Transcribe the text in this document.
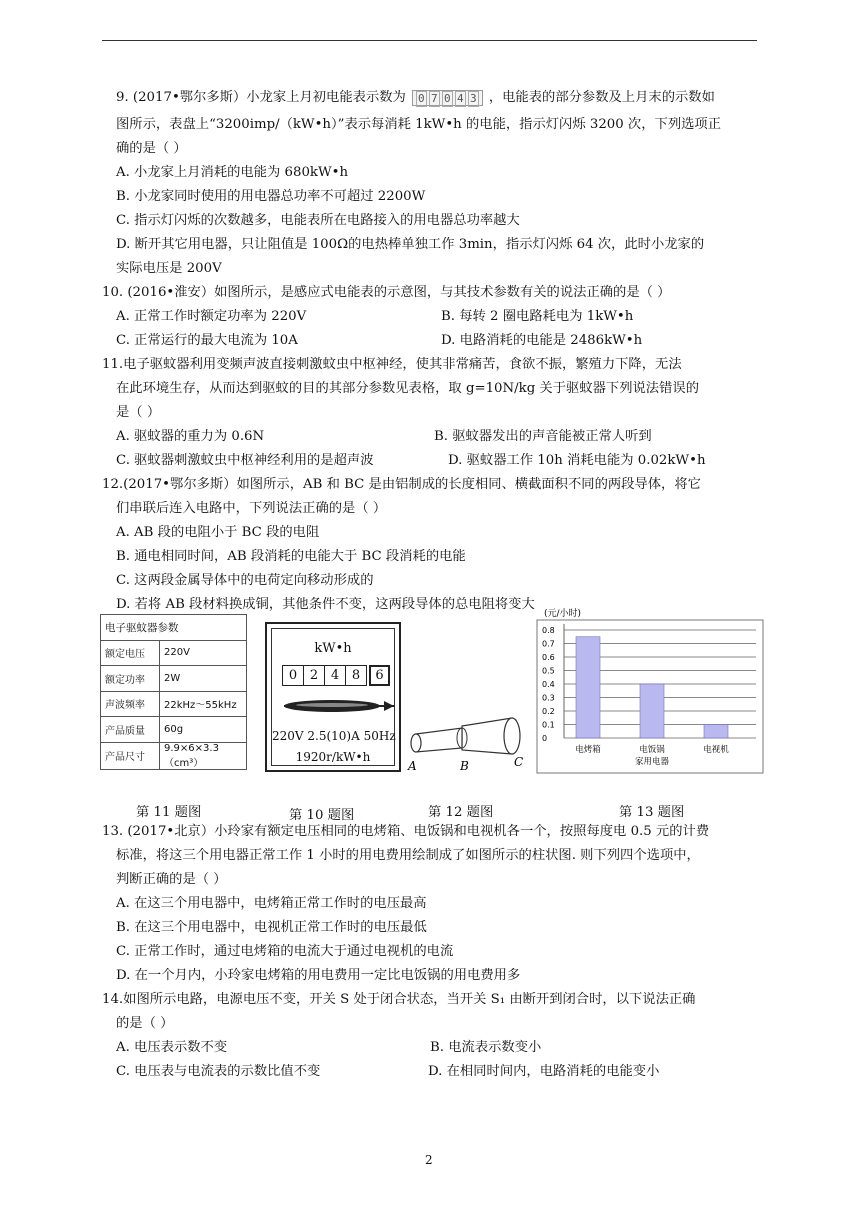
9. (2017•鄂尔多斯）小龙家上月初电能表示数为 0 7 0 4 3 ，电能表的部分参数及上月末的示数如
图所示，表盘上“3200imp/（kW•h）”表示每消耗 1kW•h 的电能，指示灯闪烁 3200 次，下列选项正
确的是（ ）
A. 小龙家上月消耗的电能为 680kW•h
B. 小龙家同时使用的用电器总功率不可超过 2200W
C. 指示灯闪烁的次数越多，电能表所在电路接入的用电器总功率越大
D. 断开其它用电器，只让阻值是 100Ω的电热棒单独工作 3min，指示灯闪烁 64 次，此时小龙家的
实际电压是 200V
10. (2016•淮安）如图所示，是感应式电能表的示意图，与其技术参数有关的说法正确的是（ ）
A. 正常工作时额定功率为 220V	B. 每转 2 圈电路耗电为 1kW•h
C. 正常运行的最大电流为 10A	D. 电路消耗的电能是 2486kW•h
11.电子驱蚊器利用变频声波直接刺激蚊虫中枢神经，使其非常痛苦，食欲不振，繁殖力下降，无法
在此环境生存，从而达到驱蚊的目的其部分参数见表格，取 g=10N/kg 关于驱蚊器下列说法错误的
是（ ）
A. 驱蚊器的重力为 0.6N	B. 驱蚊器发出的声音能被正常人听到
C. 驱蚊器刺激蚊虫中枢神经利用的是超声波	D. 驱蚊器工作 10h 消耗电能为 0.02kW•h
12.(2017•鄂尔多斯）如图所示，AB 和 BC 是由铝制成的长度相同、横截面积不同的两段导体，将它
们串联后连入电路中，下列说法正确的是（ ）
A. AB 段的电阻小于 BC 段的电阻
B. 通电相同时间，AB 段消耗的电能大于 BC 段消耗的电能
C. 这两段金属导体中的电荷定向移动形成的
D. 若将 AB 段材料换成铜，其他条件不变，这两段导体的总电阻将变大
13. (2017•北京）小玲家有额定电压相同的电烤箱、电饭锅和电视机各一个，按照每度电 0.5 元的计费
标准，将这三个用电器正常工作 1 小时的用电费用绘制成了如图所示的柱状图. 则下列四个选项中，
判断正确的是（ ）
A. 在这三个用电器中，电烤箱正常工作时的电压最高
B. 在这三个用电器中，电视机正常工作时的电压最低
C. 正常工作时，通过电烤箱的电流大于通过电视机的电流
D. 在一个月内，小玲家电烤箱的用电费用一定比电饭锅的用电费用多
14.如图所示电路，电源电压不变，开关 S 处于闭合状态，当开关 S₁ 由断开到闭合时，以下说法正确
的是（ ）
A. 电压表示数不变	B. 电流表示数变小
C. 电压表与电流表的示数比值不变	D. 在相同时间内，电路消耗的电能变小
电子驱蚊器参数	
额定电压	220V
额定功率	2W
声波频率	22kHz～55kHz
产品质量	60g
产品尺寸	9.9×6×3.3（cm³）
kW•h
0 2 4 8	6
220V 2.5(10)A 50Hz
1920r/kW•h
A	B	C
(元/小时)
0
0.1
0.2
0.3
0.4
0.5
0.6
0.7
0.8
电烤箱	电饭锅	电视机
家用电器
第 11 题图	第 10 题图	第 12 题图	第 13 题图
2
